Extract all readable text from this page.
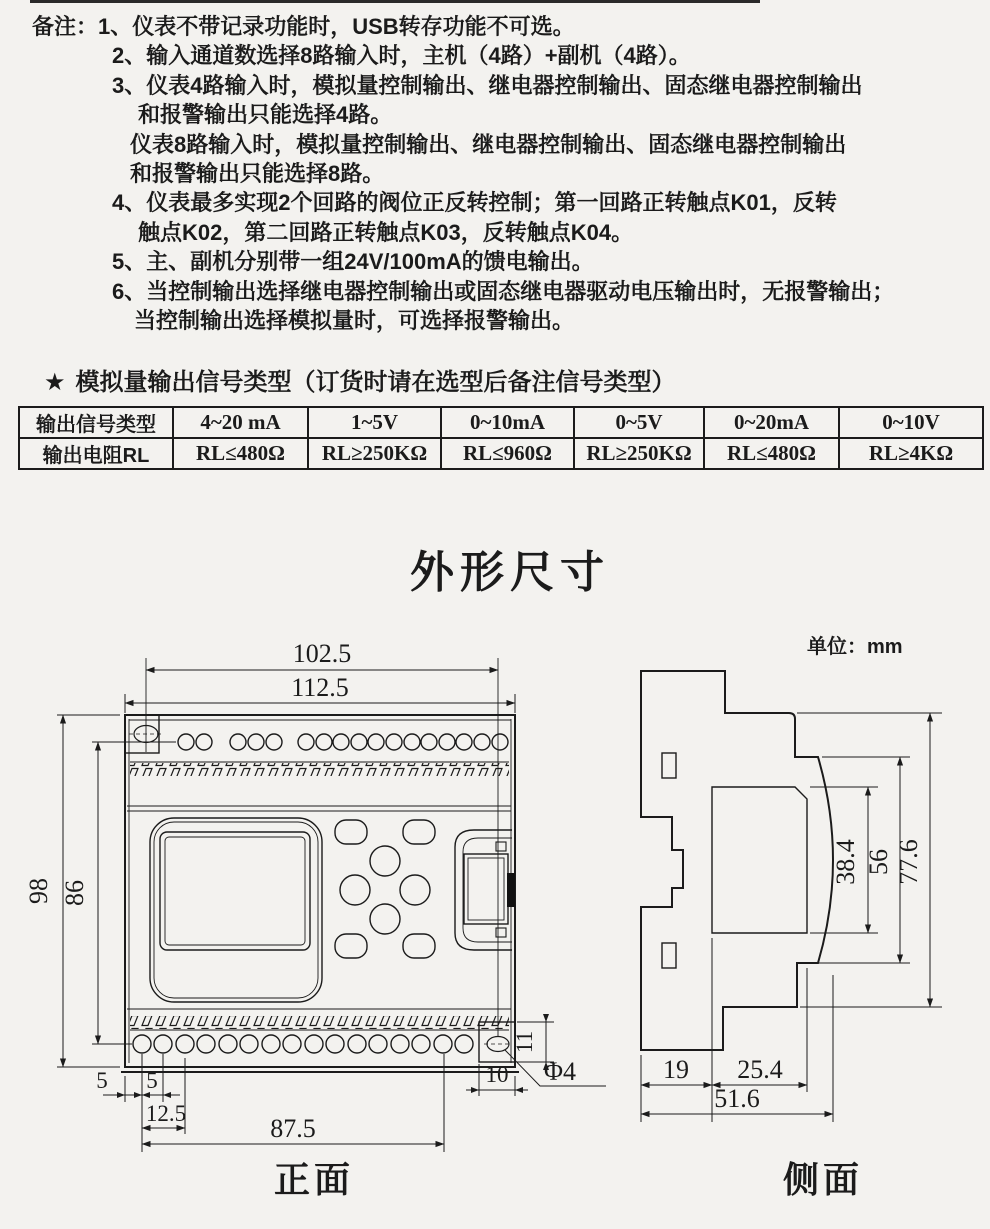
备注：1、仪表不带记录功能时，USB转存功能不可选。
2、输入通道数选择8路输入时，主机（4路）+副机（4路）。
3、仪表4路输入时，模拟量控制输出、继电器控制输出、固态继电器控制输出
和报警输出只能选择4路。
仪表8路输入时，模拟量控制输出、继电器控制输出、固态继电器控制输出
和报警输出只能选择8路。
4、仪表最多实现2个回路的阀位正反转控制；第一回路正转触点K01，反转
触点K02，第二回路正转触点K03，反转触点K04。
5、主、副机分别带一组24V/100mA的馈电输出。
6、当控制输出选择继电器控制输出或固态继电器驱动电压输出时，无报警输出；
当控制输出选择模拟量时，可选择报警输出。
★ 模拟量输出信号类型（订货时请在选型后备注信号类型）
输出信号类型	4~20 mA	1~5V	0~10mA	0~5V	0~20mA	0~10V
输出电阻RL	RL≤480Ω	RL≥250KΩ	RL≤960Ω	RL≥250KΩ	RL≤480Ω	RL≥4KΩ
外形尺寸
单位：mm
102.5
112.5
98 86
5 5
12.5
87.5
10
11
Φ4
正面
38.4 56 77.6
19 25.4
51.6
侧面
